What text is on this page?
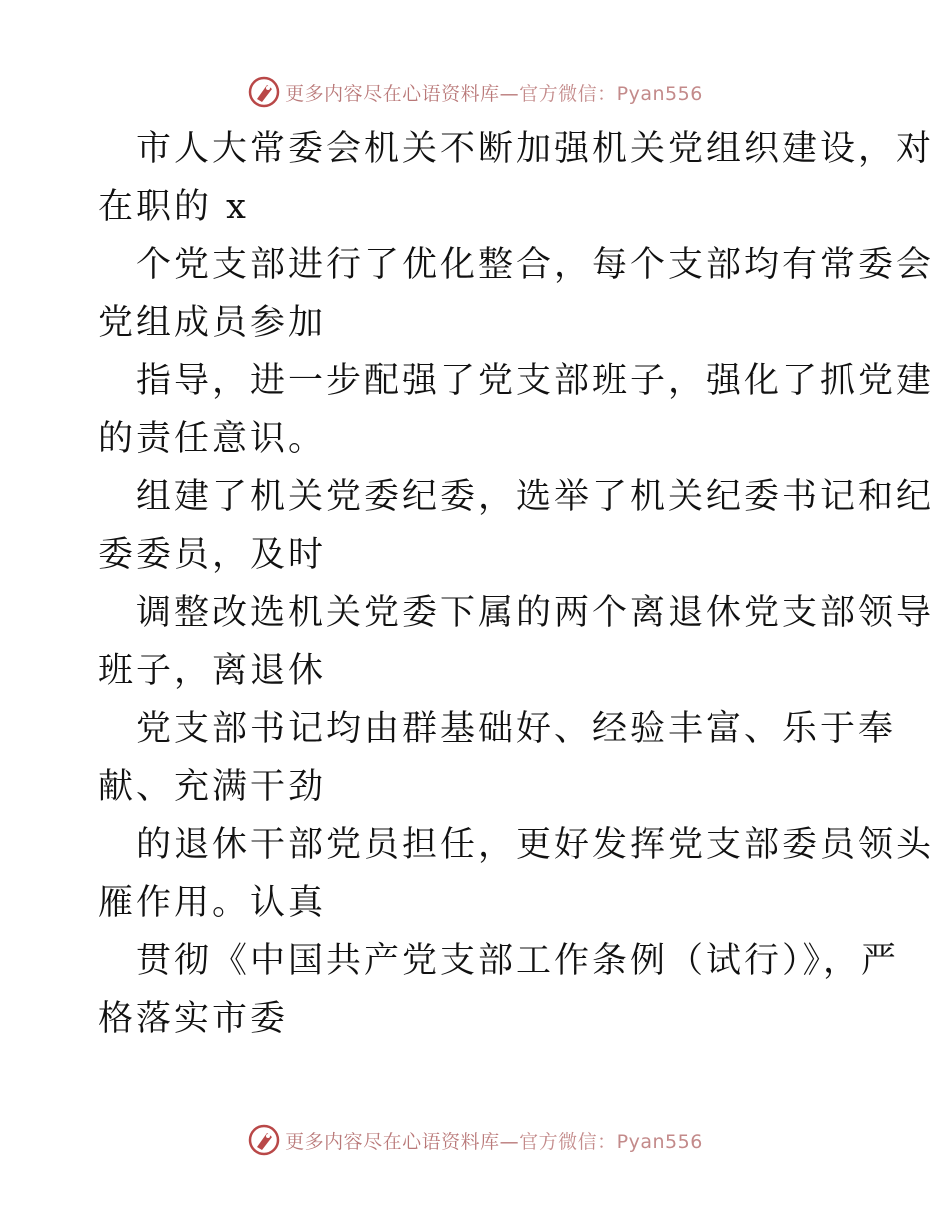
更多内容尽在心语资料库—官方微信：Pyan556
市人大常委会机关不断加强机关党组织建设，对
在职的 x
个党支部进行了优化整合，每个支部均有常委会
党组成员参加
指导，进一步配强了党支部班子，强化了抓党建
的责任意识。
组建了机关党委纪委，选举了机关纪委书记和纪
委委员，及时
调整改选机关党委下属的两个离退休党支部领导
班子，离退休
党支部书记均由群基础好、经验丰富、乐于奉
献、充满干劲
的退休干部党员担任，更好发挥党支部委员领头
雁作用。认真
贯彻《中国共产党支部工作条例（试行）》，严
格落实市委
更多内容尽在心语资料库—官方微信：Pyan556
